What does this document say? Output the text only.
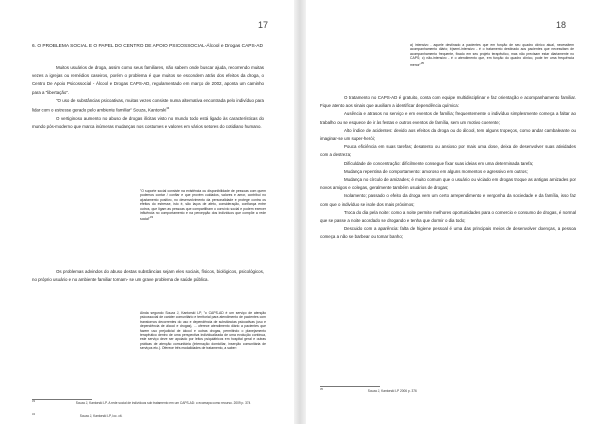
17
6. O PROBLEMA SOCIAL E O PAPEL DO CENTRO DE APOIO PSICOSSOCIAL-Álcool e Drogas CAPS-AD

Muitos usuários de droga, assim como seus familiares, não sabem onde buscar ajuda, recorrendo muitas vezes a igrejas ou remédios caseiros, porém o problema é que muitos se escondem atrás dos efeitos da droga, o Centro De Apoio Psicossocial - Álcool e Drogas CAPS-AD, regulamentado em março de 2002, aponta um caminho para a "libertação".

"O uso de substâncias psicoativas, muitas vezes consiste numa alternativa encontrada pelo indivíduo para lidar com o estresse gerado pelo ambiente familiar" Souza, Kantorski$^{33}$

O vertiginoso aumento no abuso de drogas ilícitas visto no mundo todo está ligado às características do mundo pós-moderno que marca inúmeras mudanças nos costumes e valores em vários setores do cotidiano humano.

"O suporte social consiste na existência ou disponibilidade de pessoas com quem podemos contar / confiar e que provém cuidados, valores e amor, contribui no ajustamento positivo, no desenvolvimento da personalidade e protege contra os efeitos do estresse, isto é, são laços de afeto, consideração, confiança entre outros, que ligam as pessoas que compartilham o convívio social e podem exercer influência no comportamento e na percepção dos indivíduos que compõe a rede social"$^{33}$

Os problemas advindos do abuso destas substâncias sejam eles sociais, físicos, biológicos, psicológicos, no próprio usuário e no ambiente familiar tornam- se um grave problema de saúde pública.

Ainda segundo Souza J, Kantorski LP, "o CAPS-AD é um serviço de atenção psicossocial de caráter comunitário e territorial para atendimento de pacientes com transtornos decorrentes do uso e dependência de substâncias psicoativas (uso e dependência de álcool e drogas), ... oferece atendimento diário a pacientes que fazem uso prejudicial de álcool e outras drogas, permitindo o planejamento terapêutico dentro de uma perspectiva individualizada de uma evolução contínua, este serviço deve ser apoiado por leitos psiquiátricos em hospital geral e outras práticas de atenção comunitária (internação domiciliar, inserção comunitária de serviços etc.). Oferece três modalidades de tratamento, a saber:
$^{33}$	Souza J, Kantorski LP. A rede social de indivíduos sob tratamento em um CAPS-AD: o ecomapa como recurso. 2009 p. 374
$^{34}$	Souza J, Kantorski LP, loc. cit.
18
a) intensivo - aquele destinado a pacientes que em função de seu quadro clínico atual, necessitem acompanhamento diário; b)semi-intensivo - é o tratamento destinado aos pacientes que necessitam de acompanhamento frequente, fixado em seu projeto terapêutico, mas não precisam estar diariamente no CAPS; c) não-intensivo - é o atendimento que, em função do quadro clínico, pode ter uma frequência menor"$^{35}$

O tratamento no CAPS-AD é gratuito, conta com equipe multidisciplinar e faz orientação e acompanhamento familiar. Fique atento aos sinais que auxiliam a identificar dependência química:

Ausência e atrasos no serviço e em eventos de família; frequentemente o indivíduo simplesmente começa a faltar ao trabalho ou se esquece de ir às festas e outros eventos de família, sem um motivo coerente;

Alto índice de acidentes: devido aos efeitos da droga ou do álcool, tem alguns tropeços, como andar cambaleante ou imaginar-se um super-herói;

Pouca eficiência em suas tarefas; desatento ou ansioso por mais uma dose, deixa de desenvolver suas atividades com a destreza;

Dificuldade de concentração: dificilmente consegue fixar suas ideias em uma determinada tarefa;

Mudança repentina de comportamento: amoroso em alguns momentos e agressivo em outros;

Mudança no círculo de amizades; é muito comum que o usuário ou viciado em drogas troque as antigas amizades por novos amigos e colegas, geralmente também usuários de drogas;

Isolamento; passado o efeito da droga vem um certo arrependimento e vergonha da sociedade e da família, isso faz com que o indivíduo se isole dos mais próximos;

Troca do dia pela noite: como a noite permite melhores oportunidades para o comercio e consumo de drogas, é normal que se passe a noite acordado se drogando e tenha que dormir o dia todo;

Descuido com a aparência: falta de higiene pessoal é uma das principais meios de desenvolver doenças, a pessoa começa a não se barbear ou tomar banho;

$^{35}$	Souza J, Kantorski LP 2006 p. 376
